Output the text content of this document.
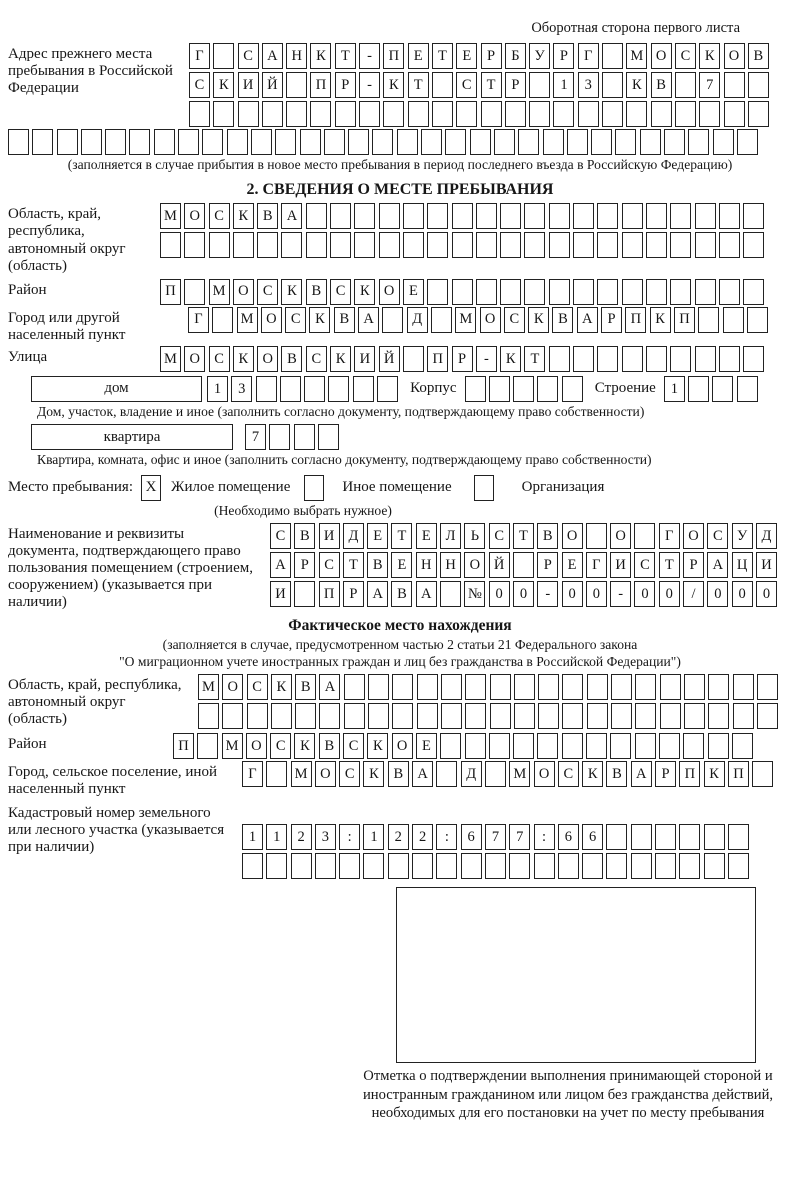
Оборотная сторона первого листа
Адрес прежнего места пребывания в Российской Федерации
Г	С А Н К	Т	-	П	Е	Т	Е	Р	Б	У	Р	Г	М О С	К О В
С	К И Й	П	Р	-	К	Т	С	Т	Р	1	3	К	В	7
(заполняется в случае прибытия в новое место пребывания в период последнего въезда в Российскую Федерацию)
2. СВЕДЕНИЯ О МЕСТЕ ПРЕБЫВАНИЯ
Область, край, республика, автономный округ (область)
М О С	К	В А
Район	П	М О С	К	В	С	К О	Е
Город или другой населенный пункт
Г	М О С	К	В А	Д	М О С	К	В А	Р	П К П
Улица	М О С	К О В	С	К И Й	П	Р	-	К	Т
дом	1	3	Корпус	Строение	1
Дом, участок, владение и иное (заполнить согласно документу, подтверждающему право собственности)
квартира	7
Квартира, комната, офис и иное (заполнить согласно документу, подтверждающему право собственности)
Место пребывания: X Жилое помещение	Иное помещение	Организация
(Необходимо выбрать нужное)
Наименование и реквизиты документа, подтверждающего право пользования помещением (строением, сооружением) (указывается при наличии)
С	В И Д	Е	Т	Е	Л	Ь	С	Т	В О	О	Г	О С У Д
А	Р	С	Т	В	Е	Н Н О Й	Р	Е	Г	И С	Т	Р	А Ц И
И	П	Р	А В А	№ 0	0	-	0	0	-	0	0	/	0	0	0
Фактическое место нахождения
(заполняется в случае, предусмотренном частью 2 статьи 21 Федерального закона
"О миграционном учете иностранных граждан и лиц без гражданства в Российской Федерации")
Область, край, республика, автономный округ (область)
М О С	К	В А
Район	П	М О С	К	В	С	К О	Е
Город, сельское поселение, иной населенный пункт
Г	М О С	К	В А	Д	М О С	К	В А	Р	П К П
Кадастровый номер земельного или лесного участка (указывается при наличии)
1	1	2	3	:	1	2	2	:	6	7	7	:	6	6
Отметка о подтверждении выполнения принимающей стороной и иностранным гражданином или лицом без гражданства действий, необходимых для его постановки на учет по месту пребывания
